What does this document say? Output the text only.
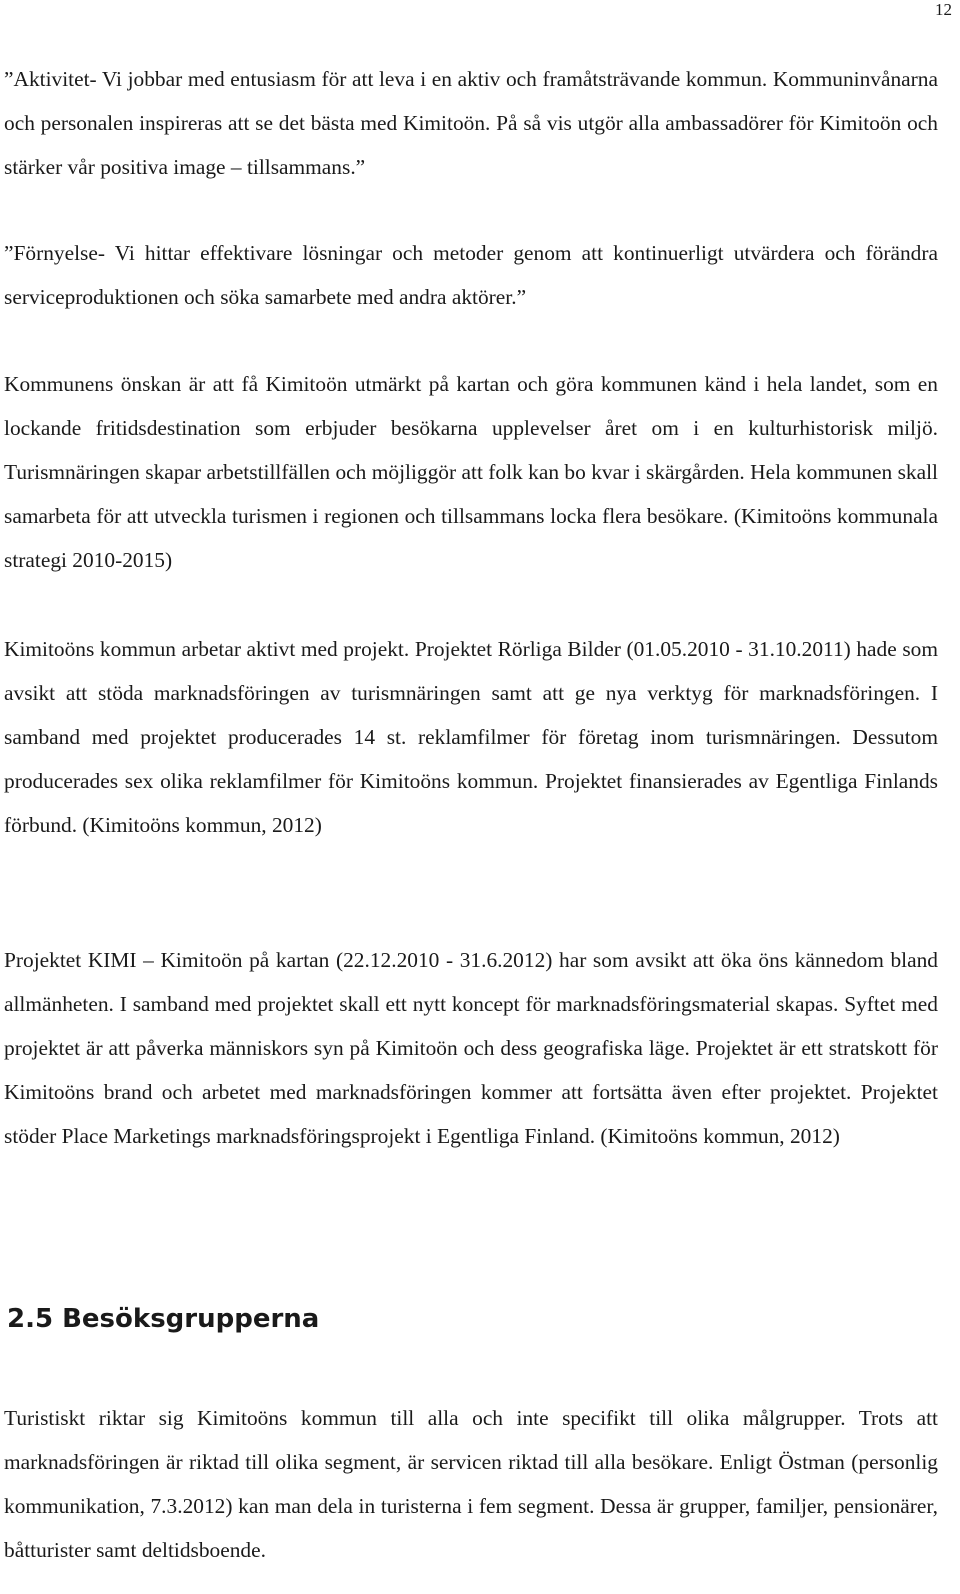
12

”Aktivitet- Vi jobbar med entusiasm för att leva i en aktiv och framåtsträvande kommun. Kommuninvånarna och personalen inspireras att se det bästa med Kimitoön. På så vis utgör alla ambassadörer för Kimitoön och stärker vår positiva image – tillsammans.”

”Förnyelse- Vi hittar effektivare lösningar och metoder genom att kontinuerligt utvärdera och förändra serviceproduktionen och söka samarbete med andra aktörer.”

Kommunens önskan är att få Kimitoön utmärkt på kartan och göra kommunen känd i hela landet, som en lockande fritidsdestination som erbjuder besökarna upplevelser året om i en kulturhistorisk miljö. Turismnäringen skapar arbetstillfällen och möjliggör att folk kan bo kvar i skärgården. Hela kommunen skall samarbeta för att utveckla turismen i regionen och tillsammans locka flera besökare. (Kimitoöns kommunala strategi 2010-2015)

Kimitoöns kommun arbetar aktivt med projekt. Projektet Rörliga Bilder (01.05.2010 - 31.10.2011) hade som avsikt att stöda marknadsföringen av turismnäringen samt att ge nya verktyg för marknadsföringen. I samband med projektet producerades 14 st. reklamfilmer för företag inom turismnäringen. Dessutom producerades sex olika reklamfilmer för Kimitoöns kommun. Projektet finansierades av Egentliga Finlands förbund. (Kimitoöns kommun, 2012)

Projektet KIMI – Kimitoön på kartan (22.12.2010 - 31.6.2012) har som avsikt att öka öns kännedom bland allmänheten. I samband med projektet skall ett nytt koncept för marknadsföringsmaterial skapas. Syftet med projektet är att påverka människors syn på Kimitoön och dess geografiska läge. Projektet är ett stratskott för Kimitoöns brand och arbetet med marknadsföringen kommer att fortsätta även efter projektet. Projektet stöder Place Marketings marknadsföringsprojekt i Egentliga Finland. (Kimitoöns kommun, 2012)

2.5 Besöksgrupperna

Turistiskt riktar sig Kimitoöns kommun till alla och inte specifikt till olika målgrupper. Trots att marknadsföringen är riktad till olika segment, är servicen riktad till alla besökare. Enligt Östman (personlig kommunikation, 7.3.2012) kan man dela in turisterna i fem segment. Dessa är grupper, familjer, pensionärer, båtturister samt deltidsboende.
